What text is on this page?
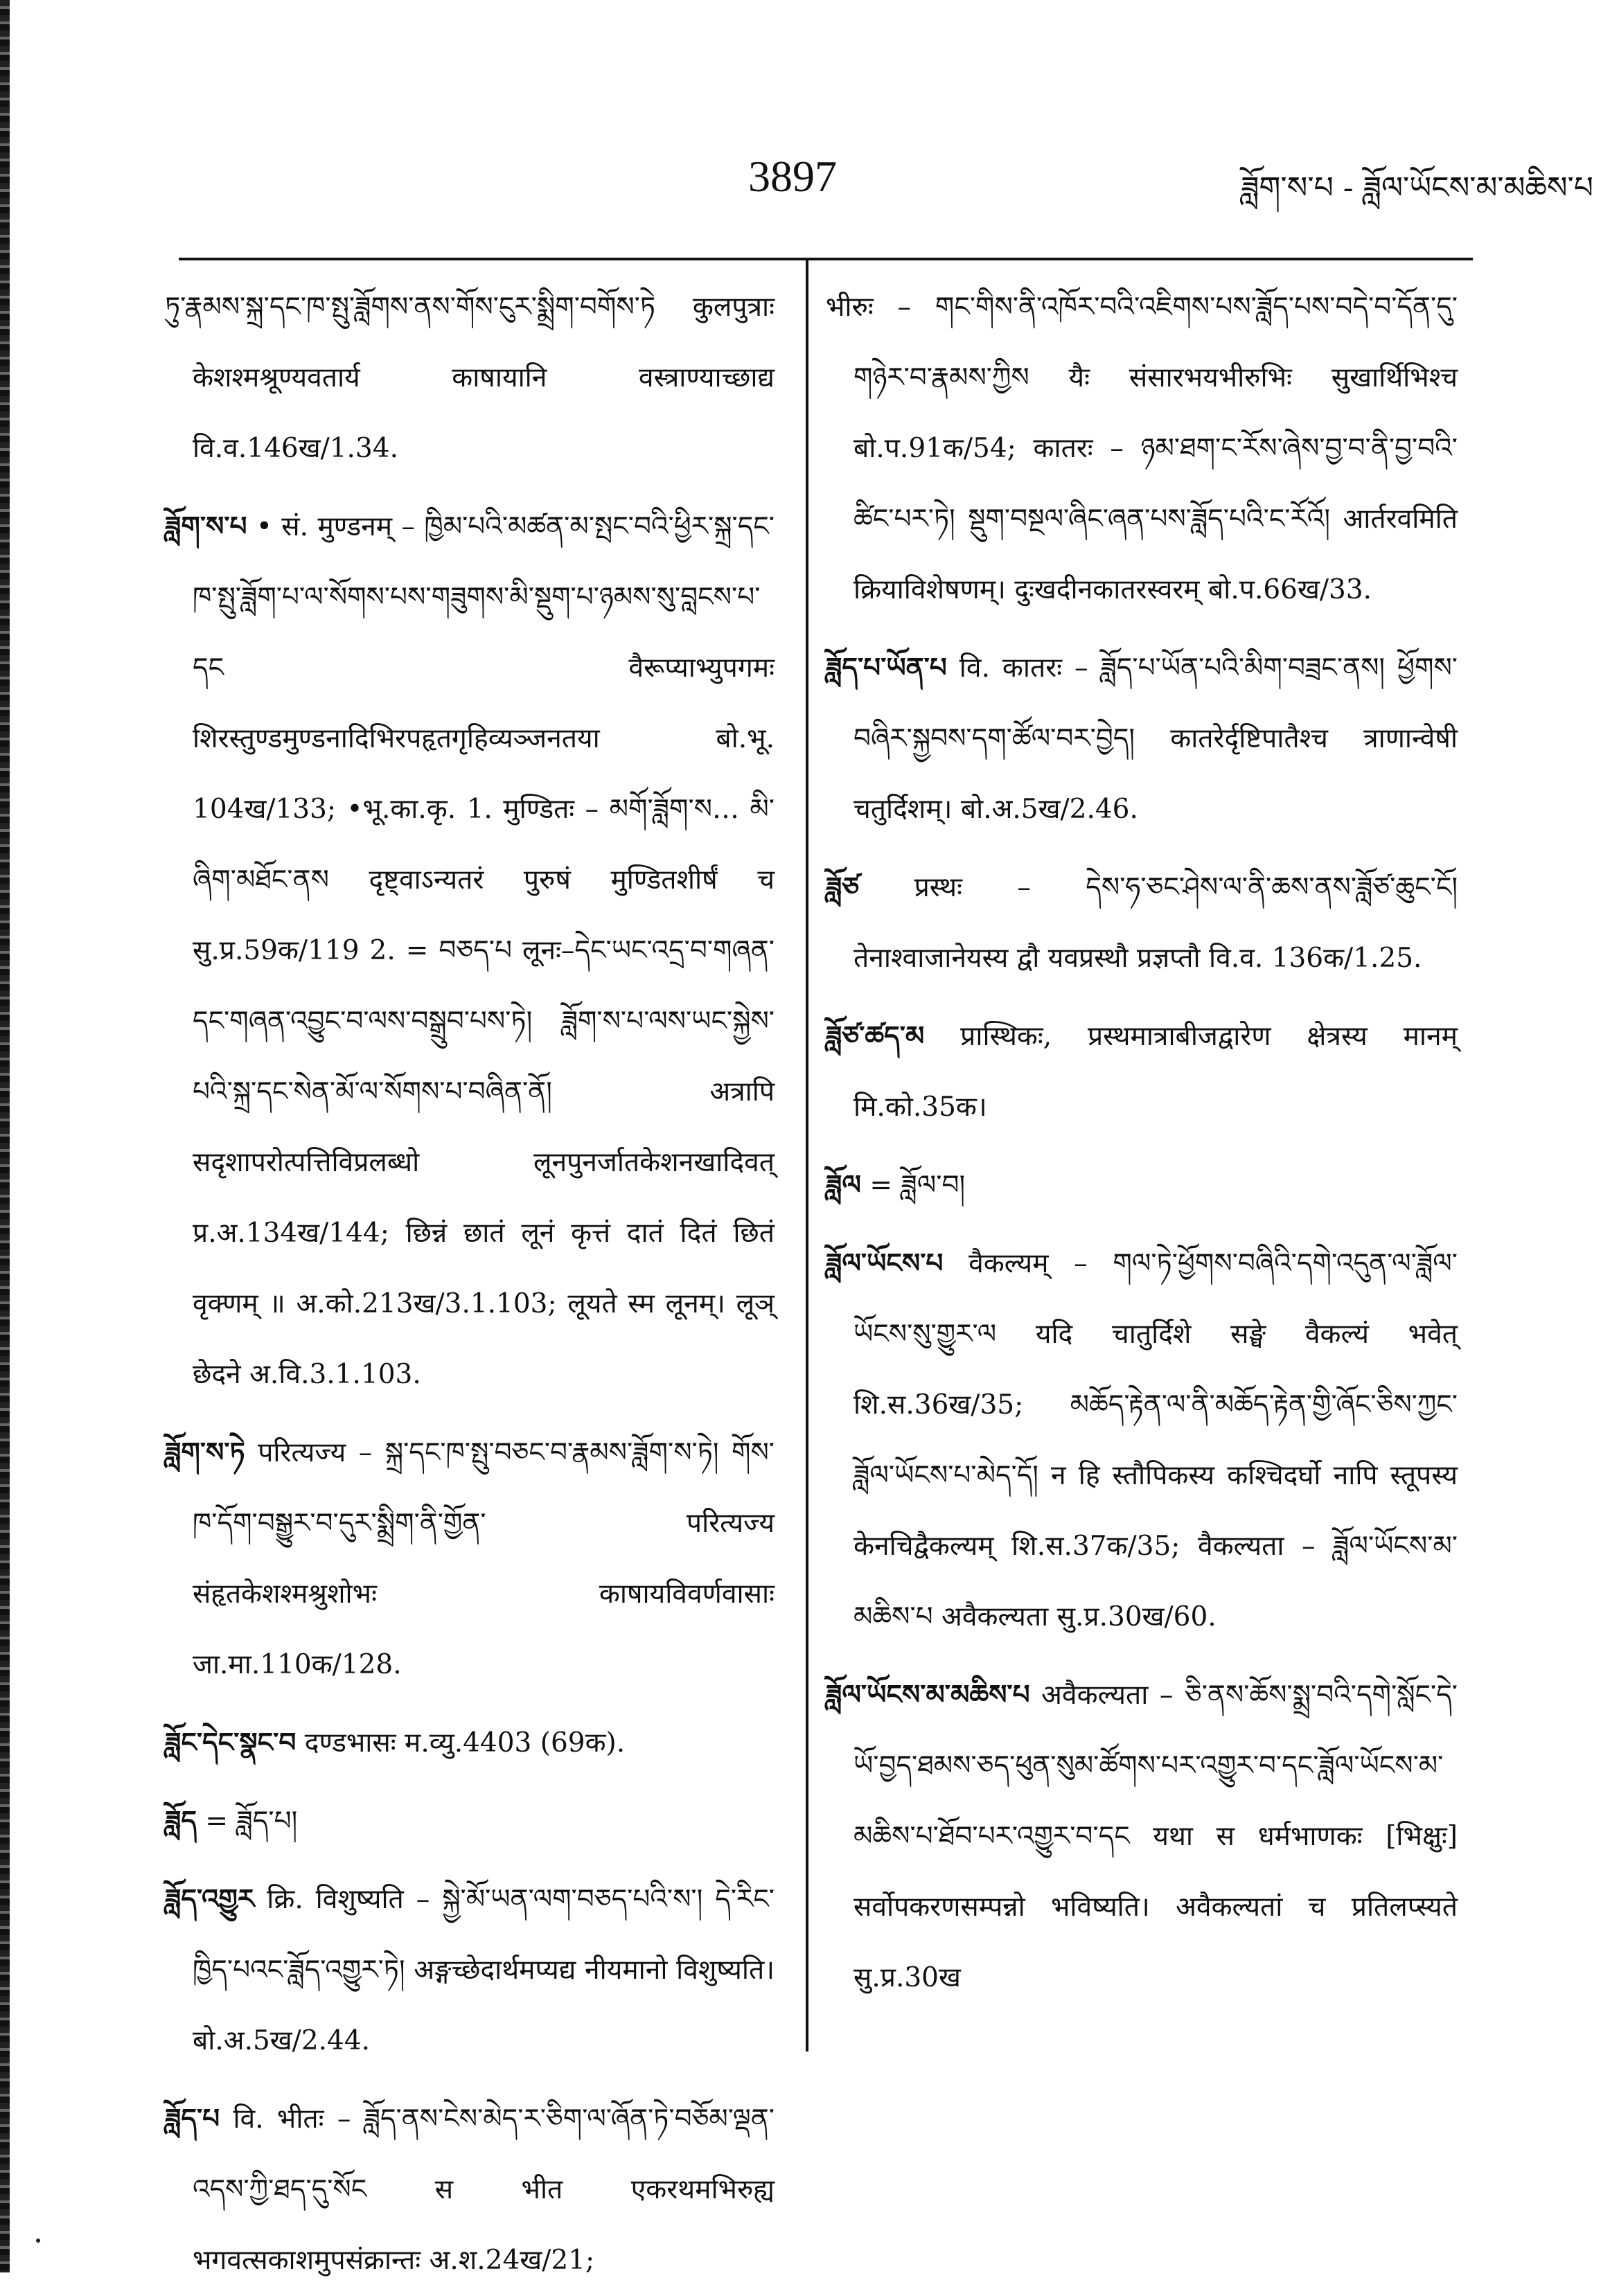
3897	ཟློག་ས་པ - ཟློལ་ཡོངས་མ་མཆིས་པ

ཏུ་རྣམས་སྐྲ་དང་ཁ་སྤུ་ཟློགས་ནས་གོས་ངུར་སྨྲིག་བགོས་ཏེ कुलपुत्राः केशश्मश्रूण्यवतार्य काषायानि वस्त्राण्याच्छाद्य वि.व.146ख/1.34.

ཟློག་ས་པ • सं. मुण्डनम् – ཁྱིམ་པའི་མཚན་མ་སྤང་བའི་ཕྱིར་སྐྲ་དང་ཁ་སྤུ་ཟློག་པ་ལ་སོགས་པས་གཟུགས་མི་སྡུག་པ་ཉམས་སུ་བླངས་པ་དང वैरूप्याभ्युपगमः शिरस्तुण्डमुण्डनादिभिरपहृतगृहिव्यञ्जनतया बो.भू. 104ख/133; •भू.का.कृ. 1. मुण्डितः – མགོ་ཟློག་ས… མི་ཞིག་མཐོང་ནས दृष्ट्वाऽन्यतरं पुरुषं मुण्डितशीर्षं च सु.प्र.59क/119 2. = བཅད་པ लूनः–དེང་ཡང་འདྲ་བ་གཞན་དང་གཞན་འབྱུང་བ་ལས་བསྒྲུབ་པས་ཏེ། ཟློག་ས་པ་ལས་ཡང་སྐྱེས་པའི་སྐྲ་དང་སེན་མོ་ལ་སོགས་པ་བཞིན་ནོ། अत्रापि सदृशापरोत्पत्तिविप्रलब्धो लूनपुनर्जातकेशनखादिवत् प्र.अ.134ख/144; छिन्नं छातं लूनं कृत्तं दातं दितं छितं वृक्णम् ॥ अ.को.213ख/3.1.103; लूयते स्म लूनम्। लूञ् छेदने अ.वि.3.1.103.

ཟློག་ས་ཏེ परित्यज्य – སྐྲ་དང་ཁ་སྤུ་བཅང་བ་རྣམས་ཟློག་ས་ཏེ། གོས་ཁ་དོག་བསྒྱུར་བ་དུར་སྨྲིག་ནི་གྱོན་ परित्यज्य संहृतकेशश्मश्रुशोभः काषायविवर्णवासाः जा.मा.110क/128.

ཟློང་དེང་སྣང་བ दण्डभासः म.व्यु.4403 (69क).

ཟློད = ཟློད་པ།

ཟློད་འགྱུར क्रि. विशुष्यति – སྐྱེ་མོ་ཡན་ལག་བཅད་པའི་ས་། དེ་རིང་ཁྱིད་པའང་ཟློད་འགྱུར་ཏེ། अङ्गच्छेदार्थमप्यद्य नीयमानो विशुष्यति। बो.अ.5ख/2.44.

ཟློད་པ वि. भीतः – ཟློད་ནས་ངེས་མེད་ར་ཅིག་ལ་ཞོན་ཏེ་བཅོམ་ལྡན་འདས་ཀྱི་ཐད་དུ་སོང स भीत एकरथमभिरुह्य भगवत्सकाशमुपसंक्रान्तः अ.श.24ख/21;

भीरुः – གང་གིས་ནི་འཁོར་བའི་འཇིགས་པས་ཟློད་པས་བདེ་བ་དོན་དུ་གཉེར་བ་རྣམས་ཀྱིས यैः संसारभयभीरुभिः सुखार्थिभिश्च बो.प.91क/54; कातरः – ཉམ་ཐག་ང་རོས་ཞེས་བྱ་བ་ནི་བྱ་བའི་ཚིང་པར་ཏེ། སྡུག་བསྔལ་ཞིང་ཞན་པས་ཟློད་པའི་ང་རོའོ། आर्तरवमिति क्रियाविशेषणम्। दुःखदीनकातरस्वरम् बो.प.66ख/33.

ཟློད་པ་ཡོན་པ वि. कातरः – ཟློད་པ་ཡོན་པའི་མིག་བཟྲང་ནས། ཕྱོགས་བཞིར་སྐྱབས་དག་ཚོལ་བར་བྱེད། कातरेर्दृष्टिपातैश्च त्राणान्वेषी चतुर्दिशम्। बो.अ.5ख/2.46.

ཟློཙ प्रस्थः – དེས་ཧ་ཅང་ཤེས་ལ་ནི་ཆས་ནས་ཟློཙ་ཆུང་ངོ། तेनाश्वाजानेयस्य द्वौ यवप्रस्थौ प्रज्ञप्तौ वि.व. 136क/1.25.

ཟློཙ་ཚད་མ प्रास्थिकः, प्रस्थमात्राबीजद्वारेण क्षेत्रस्य मानम् मि.को.35क।

ཟློལ = ཟློལ་བ།

ཟློལ་ཡོངས་པ वैकल्यम् – གལ་ཏེ་ཕྱོགས་བཞིའི་དགེ་འདུན་ལ་ཟློལ་ཡོངས་སུ་གྱུར་ལ यदि चातुर्दिशे सङ्घे वैकल्यं भवेत् शि.स.36ख/35; མཆོད་རྟེན་ལ་ནི་མཆོད་རྟེན་གྱི་ཞོང་ཅིས་ཀྱང་ཟློལ་ཡོངས་པ་མེད་དོ། न हि स्तौपिकस्य कश्चिदर्घो नापि स्तूपस्य केनचिद्वैकल्यम् शि.स.37क/35; वैकल्यता – ཟློལ་ཡོངས་མ་མཆིས་པ अवैकल्यता सु.प्र.30ख/60.

ཟློལ་ཡོངས་མ་མཆིས་པ अवैकल्यता – ཅི་ནས་ཆོས་སྨྲ་བའི་དགེ་སློང་དེ་ཡོ་བྱད་ཐམས་ཅད་ཕུན་སུམ་ཚོགས་པར་འགྱུར་བ་དང་ཟློལ་ཡོངས་མ་མཆིས་པ་ཐོབ་པར་འགྱུར་བ་དང यथा स धर्मभाणकः [भिक्षुः] सर्वोपकरणसम्पन्नो भविष्यति। अवैकल्यतां च प्रतिलप्स्यते सु.प्र.30ख
